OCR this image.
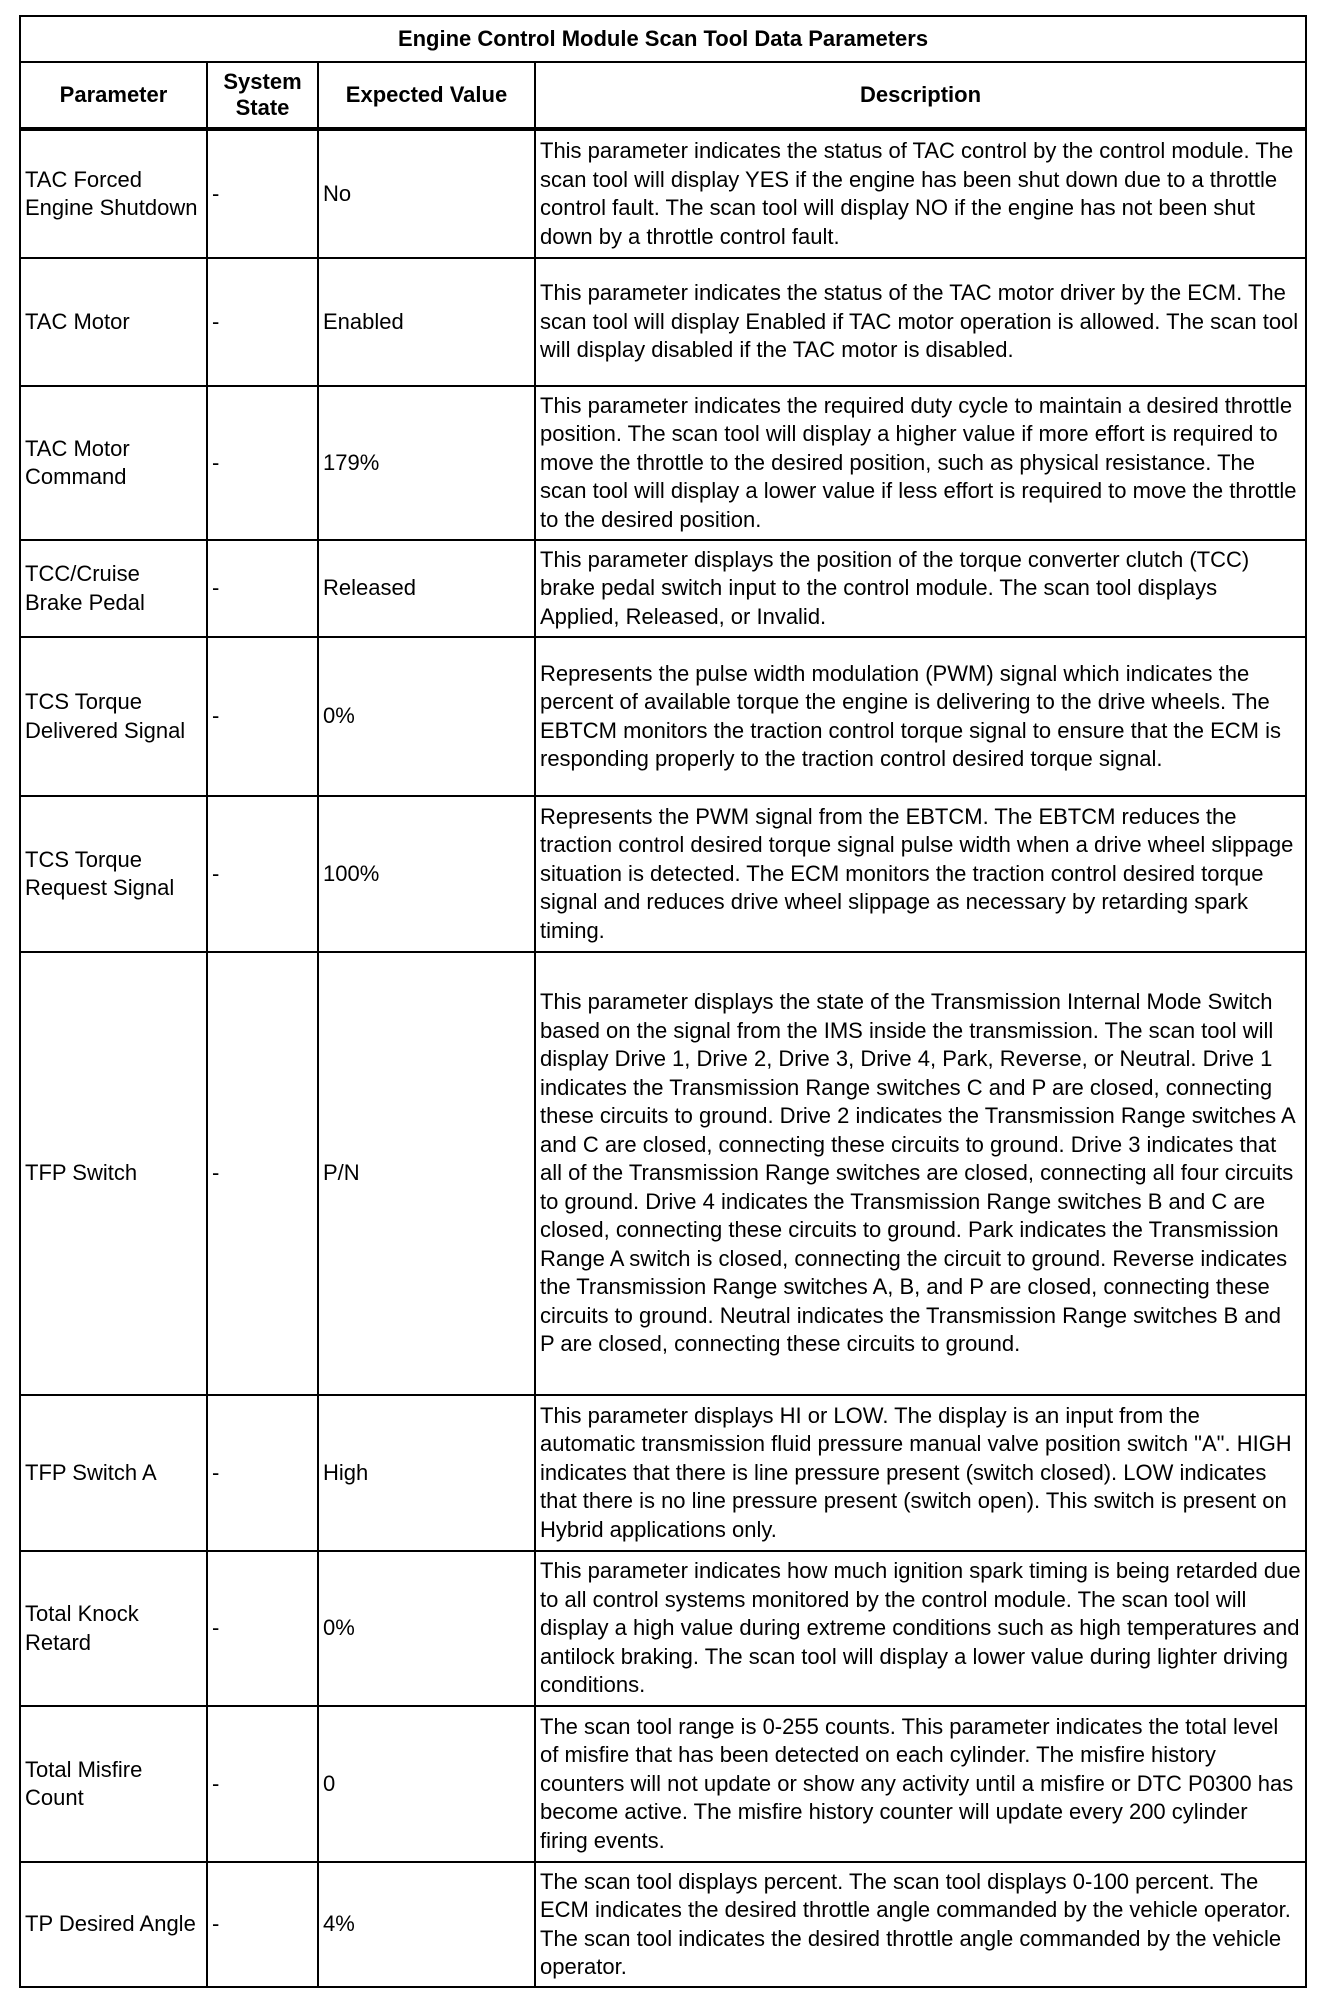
Engine Control Module Scan Tool Data Parameters			
Parameter	System State	Expected Value	Description
TAC Forced Engine Shutdown	-	No	This parameter indicates the status of TAC control by the control module. The scan tool will display YES if the engine has been shut down due to a throttle control fault. The scan tool will display NO if the engine has not been shut down by a throttle control fault.
TAC Motor	-	Enabled	This parameter indicates the status of the TAC motor driver by the ECM. The scan tool will display Enabled if TAC motor operation is allowed. The scan tool will display disabled if the TAC motor is disabled.
TAC Motor Command	-	179%	This parameter indicates the required duty cycle to maintain a desired throttle position. The scan tool will display a higher value if more effort is required to move the throttle to the desired position, such as physical resistance. The scan tool will display a lower value if less effort is required to move the throttle to the desired position.
TCC/Cruise Brake Pedal	-	Released	This parameter displays the position of the torque converter clutch (TCC) brake pedal switch input to the control module. The scan tool displays Applied, Released, or Invalid.
TCS Torque Delivered Signal	-	0%	Represents the pulse width modulation (PWM) signal which indicates the percent of available torque the engine is delivering to the drive wheels. The EBTCM monitors the traction control torque signal to ensure that the ECM is responding properly to the traction control desired torque signal.
TCS Torque Request Signal	-	100%	Represents the PWM signal from the EBTCM. The EBTCM reduces the traction control desired torque signal pulse width when a drive wheel slippage situation is detected. The ECM monitors the traction control desired torque signal and reduces drive wheel slippage as necessary by retarding spark timing.
TFP Switch	-	P/N	This parameter displays the state of the Transmission Internal Mode Switch based on the signal from the IMS inside the transmission. The scan tool will display Drive 1, Drive 2, Drive 3, Drive 4, Park, Reverse, or Neutral. Drive 1 indicates the Transmission Range switches C and P are closed, connecting these circuits to ground. Drive 2 indicates the Transmission Range switches A and C are closed, connecting these circuits to ground. Drive 3 indicates that all of the Transmission Range switches are closed, connecting all four circuits to ground. Drive 4 indicates the Transmission Range switches B and C are closed, connecting these circuits to ground. Park indicates the Transmission Range A switch is closed, connecting the circuit to ground. Reverse indicates the Transmission Range switches A, B, and P are closed, connecting these circuits to ground. Neutral indicates the Transmission Range switches B and P are closed, connecting these circuits to ground.
TFP Switch A	-	High	This parameter displays HI or LOW. The display is an input from the automatic transmission fluid pressure manual valve position switch "A". HIGH indicates that there is line pressure present (switch closed). LOW indicates that there is no line pressure present (switch open). This switch is present on Hybrid applications only.
Total Knock Retard	-	0%	This parameter indicates how much ignition spark timing is being retarded due to all control systems monitored by the control module. The scan tool will display a high value during extreme conditions such as high temperatures and antilock braking. The scan tool will display a lower value during lighter driving conditions.
Total Misfire Count	-	0	The scan tool range is 0-255 counts. This parameter indicates the total level of misfire that has been detected on each cylinder. The misfire history counters will not update or show any activity until a misfire or DTC P0300 has become active. The misfire history counter will update every 200 cylinder firing events.
TP Desired Angle	-	4%	The scan tool displays percent. The scan tool displays 0-100 percent. The ECM indicates the desired throttle angle commanded by the vehicle operator. The scan tool indicates the desired throttle angle commanded by the vehicle operator.
